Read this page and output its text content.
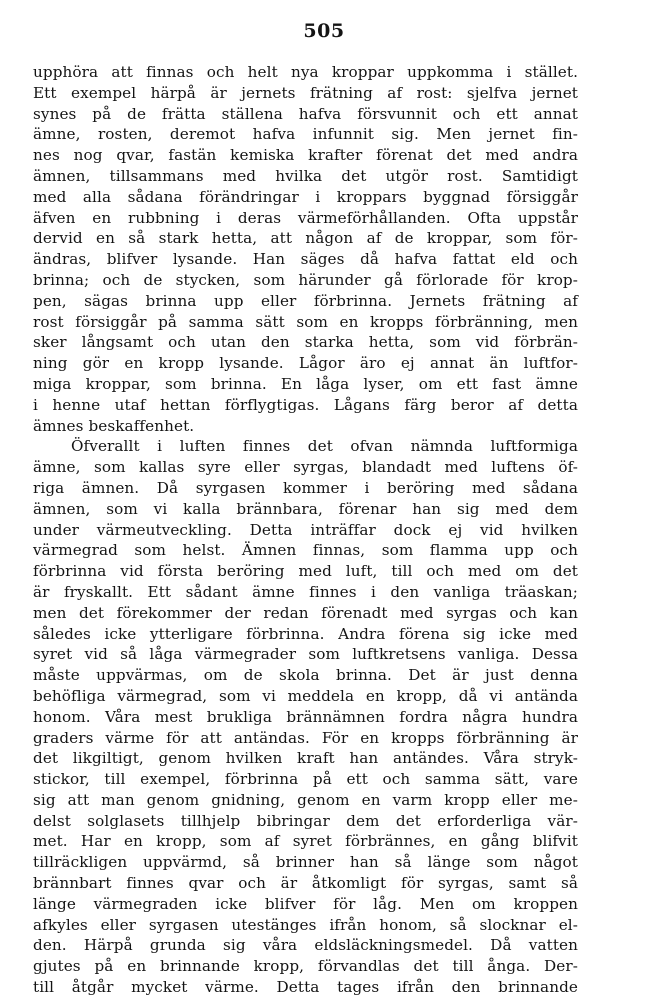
505
upphöra att finnas och helt nya kroppar uppkomma i stället.
Ett exempel härpå är jernets frätning af rost: sjelfva jernet
synes på de frätta ställena hafva försvunnit och ett annat
ämne, rosten, deremot hafva infunnit sig. Men jernet fin-
nes nog qvar, fastän kemiska krafter förenat det med andra
ämnen, tillsammans med hvilka det utgör rost. Samtidigt
med alla sådana förändringar i kroppars byggnad försiggår
äfven en rubbning i deras värmeförhållanden. Ofta uppstår
dervid en så stark hetta, att någon af de kroppar, som för-
ändras, blifver lysande. Han säges då hafva fattat eld och
brinna; och de stycken, som härunder gå förlorade för krop-
pen, sägas brinna upp eller förbrinna. Jernets frätning af
rost försiggår på samma sätt som en kropps förbränning, men
sker långsamt och utan den starka hetta, som vid förbrän-
ning gör en kropp lysande. Lågor äro ej annat än luftfor-
miga kroppar, som brinna. En låga lyser, om ett fast ämne
i henne utaf hettan förflygtigas. Lågans färg beror af detta
ämnes beskaffenhet.
Öfverallt i luften finnes det ofvan nämnda luftformiga
ämne, som kallas syre eller syrgas, blandadt med luftens öf-
riga ämnen. Då syrgasen kommer i beröring med sådana
ämnen, som vi kalla brännbara, förenar han sig med dem
under värmeutveckling. Detta inträffar dock ej vid hvilken
värmegrad som helst. Ämnen finnas, som flamma upp och
förbrinna vid första beröring med luft, till och med om det
är fryskallt. Ett sådant ämne finnes i den vanliga träaskan;
men det förekommer der redan förenadt med syrgas och kan
således icke ytterligare förbrinna. Andra förena sig icke med
syret vid så låga värmegrader som luftkretsens vanliga. Dessa
måste uppvärmas, om de skola brinna. Det är just denna
behöfliga värmegrad, som vi meddela en kropp, då vi antända
honom. Våra mest brukliga brännämnen fordra några hundra
graders värme för att antändas. För en kropps förbränning är
det likgiltigt, genom hvilken kraft han antändes. Våra stryk-
stickor, till exempel, förbrinna på ett och samma sätt, vare
sig att man genom gnidning, genom en varm kropp eller me-
delst solglasets tillhjelp bibringar dem det erforderliga vär-
met. Har en kropp, som af syret förbrännes, en gång blifvit
tillräckligen uppvärmd, så brinner han så länge som något
brännbart finnes qvar och är åtkomligt för syrgas, samt så
länge värmegraden icke blifver för låg. Men om kroppen
afkyles eller syrgasen utestänges ifrån honom, så slocknar el-
den. Härpå grunda sig våra eldsläckningsmedel. Då vatten
gjutes på en brinnande kropp, förvandlas det till ånga. Der-
till åtgår mycket värme. Detta tages ifrån den brinnande
